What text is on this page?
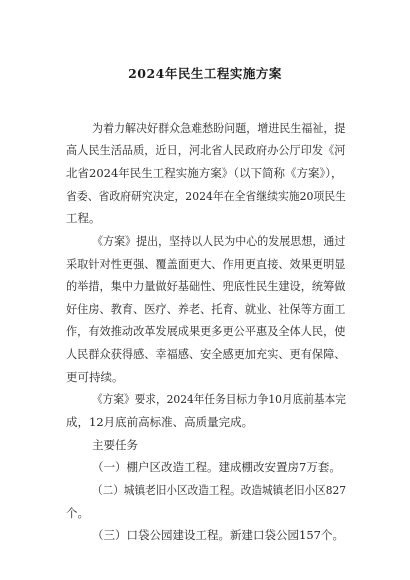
2024年民生工程实施方案
为着力解决好群众急难愁盼问题，增进民生福祉，提
高人民生活品质，近日，河北省人民政府办公厅印发《河
北省2024年民生工程实施方案》（以下简称《方案》），
省委、省政府研究决定，2024年在全省继续实施20项民生
工程。
《方案》提出，坚持以人民为中心的发展思想，通过
采取针对性更强、覆盖面更大、作用更直接、效果更明显
的举措，集中力量做好基础性、兜底性民生建设，统筹做
好住房、教育、医疗、养老、托育、就业、社保等方面工
作，有效推动改革发展成果更多更公平惠及全体人民，使
人民群众获得感、幸福感、安全感更加充实、更有保障、
更可持续。
《方案》要求，2024年任务目标力争10月底前基本完
成，12月底前高标准、高质量完成。
主要任务
（一）棚户区改造工程。建成棚改安置房7万套。
（二）城镇老旧小区改造工程。改造城镇老旧小区827
个。
（三）口袋公园建设工程。新建口袋公园157个。
